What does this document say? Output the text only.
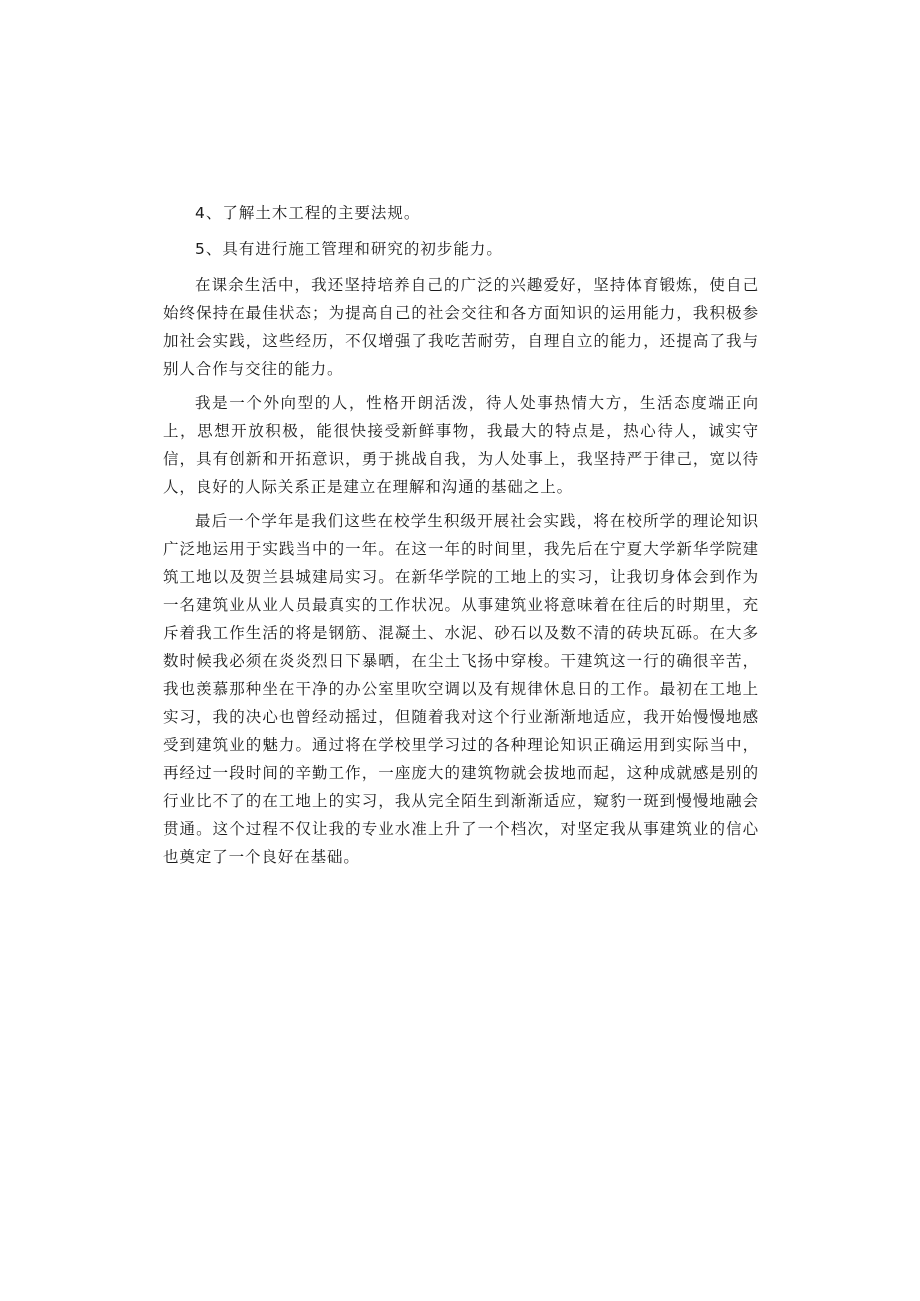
4、了解土木工程的主要法规。

5、具有进行施工管理和研究的初步能力。

在课余生活中，我还坚持培养自己的广泛的兴趣爱好，坚持体育锻炼，使自己始终保持在最佳状态；为提高自己的社会交往和各方面知识的运用能力，我积极参加社会实践，这些经历，不仅增强了我吃苦耐劳，自理自立的能力，还提高了我与别人合作与交往的能力。

我是一个外向型的人，性格开朗活泼，待人处事热情大方，生活态度端正向上，思想开放积极，能很快接受新鲜事物，我最大的特点是，热心待人，诚实守信，具有创新和开拓意识，勇于挑战自我，为人处事上，我坚持严于律己，宽以待人，良好的人际关系正是建立在理解和沟通的基础之上。

最后一个学年是我们这些在校学生积级开展社会实践，将在校所学的理论知识广泛地运用于实践当中的一年。在这一年的时间里，我先后在宁夏大学新华学院建筑工地以及贺兰县城建局实习。在新华学院的工地上的实习，让我切身体会到作为一名建筑业从业人员最真实的工作状况。从事建筑业将意味着在往后的时期里，充斥着我工作生活的将是钢筋、混凝土、水泥、砂石以及数不清的砖块瓦砾。在大多数时候我必须在炎炎烈日下暴晒，在尘土飞扬中穿梭。干建筑这一行的确很辛苦，我也羡慕那种坐在干净的办公室里吹空调以及有规律休息日的工作。最初在工地上实习，我的决心也曾经动摇过，但随着我对这个行业渐渐地适应，我开始慢慢地感受到建筑业的魅力。通过将在学校里学习过的各种理论知识正确运用到实际当中，再经过一段时间的辛勤工作，一座庞大的建筑物就会拔地而起，这种成就感是别的行业比不了的在工地上的实习，我从完全陌生到渐渐适应，窥豹一斑到慢慢地融会贯通。这个过程不仅让我的专业水准上升了一个档次，对坚定我从事建筑业的信心也奠定了一个良好在基础。
